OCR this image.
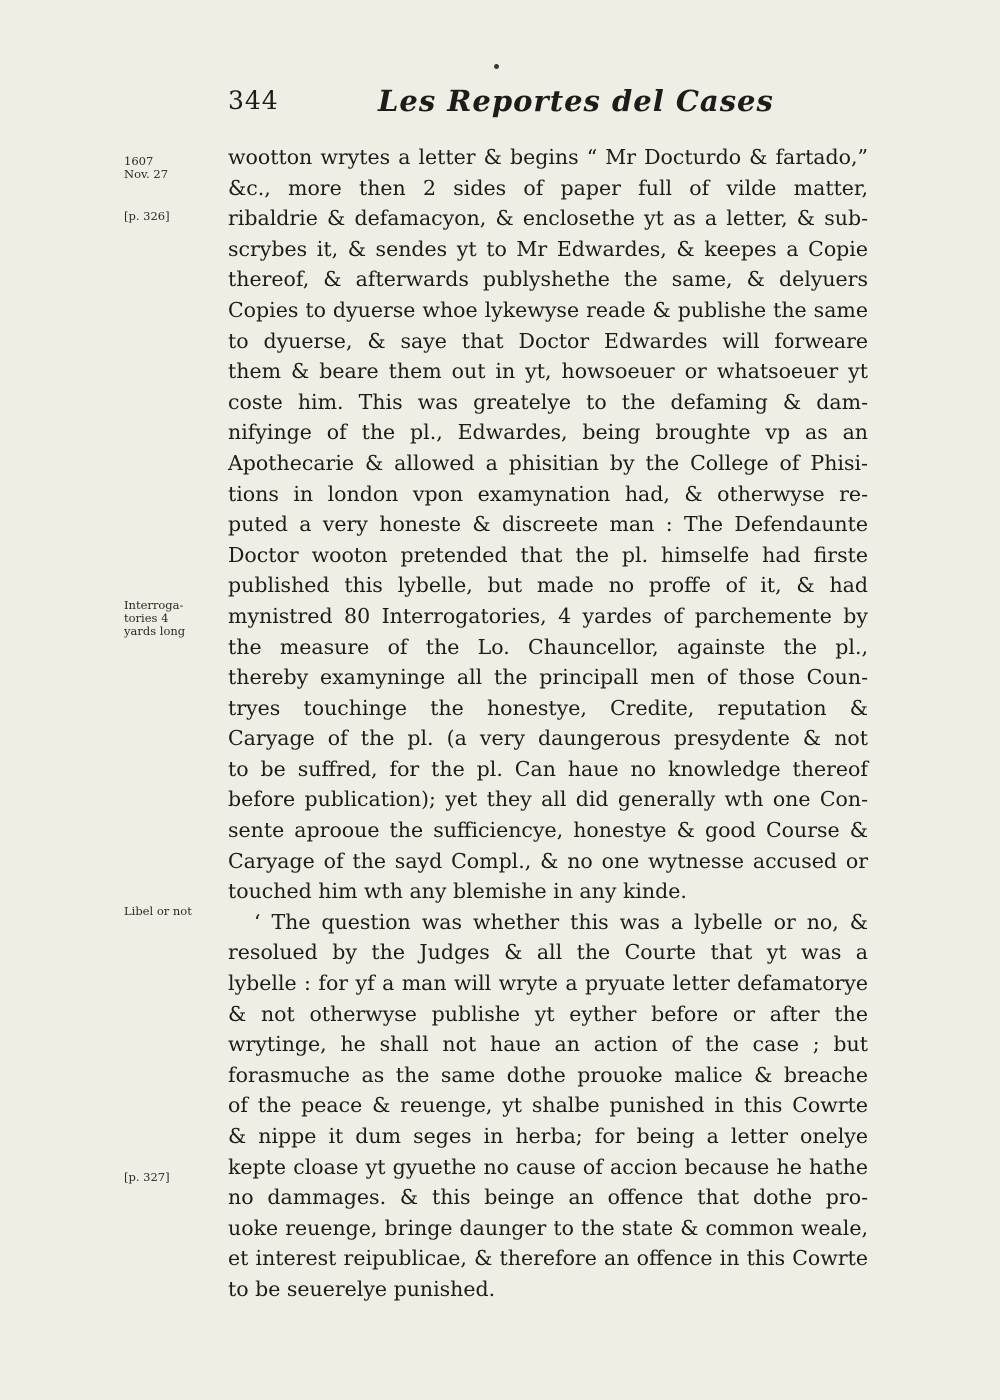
344	Les Reportes del Cases
1607
Nov. 27
[p. 326]
Interroga-
tories 4
yards long
Libel or not
[p. 327]
wootton wrytes a letter & begins “ Mr Docturdo & fartado,”
&c., more then 2 sides of paper full of vilde matter,
ribaldrie & defamacyon, & enclosethe yt as a letter, & sub-
scrybes it, & sendes yt to Mr Edwardes, & keepes a Copie
thereof, & afterwards publyshethe the same, & delyuers
Copies to dyuerse whoe lykewyse reade & publishe the same
to dyuerse, & saye that Doctor Edwardes will forweare
them & beare them out in yt, howsoeuer or whatsoeuer yt
coste him. This was greatelye to the defaming & dam-
nifyinge of the pl., Edwardes, being broughte vp as an
Apothecarie & allowed a phisitian by the College of Phisi-
tions in london vpon examynation had, & otherwyse re-
puted a very honeste & discreete man : The Defendaunte
Doctor wooton pretended that the pl. himselfe had firste
published this lybelle, but made no proffe of it, & had
mynistred 80 Interrogatories, 4 yardes of parchemente by
the measure of the Lo. Chauncellor, againste the pl.,
thereby examyninge all the principall men of those Coun-
tryes touchinge the honestye, Credite, reputation &
Caryage of the pl. (a very daungerous presydente & not
to be suffred, for the pl. Can haue no knowledge thereof
before publication); yet they all did generally wth one Con-
sente aprooue the sufficiencye, honestye & good Course &
Caryage of the sayd Compl., & no one wytnesse accused or
touched him wth any blemishe in any kinde.
‘ The question was whether this was a lybelle or no, &
resolued by the Judges & all the Courte that yt was a
lybelle : for yf a man will wryte a pryuate letter defamatorye
& not otherwyse publishe yt eyther before or after the
wrytinge, he shall not haue an action of the case ; but
forasmuche as the same dothe prouoke malice & breache
of the peace & reuenge, yt shalbe punished in this Cowrte
& nippe it dum seges in herba; for being a letter onelye
kepte cloase yt gyuethe no cause of accion because he hathe
no dammages. & this beinge an offence that dothe pro-
uoke reuenge, bringe daunger to the state & common weale,
et interest reipublicae, & therefore an offence in this Cowrte
to be seuerelye punished.
